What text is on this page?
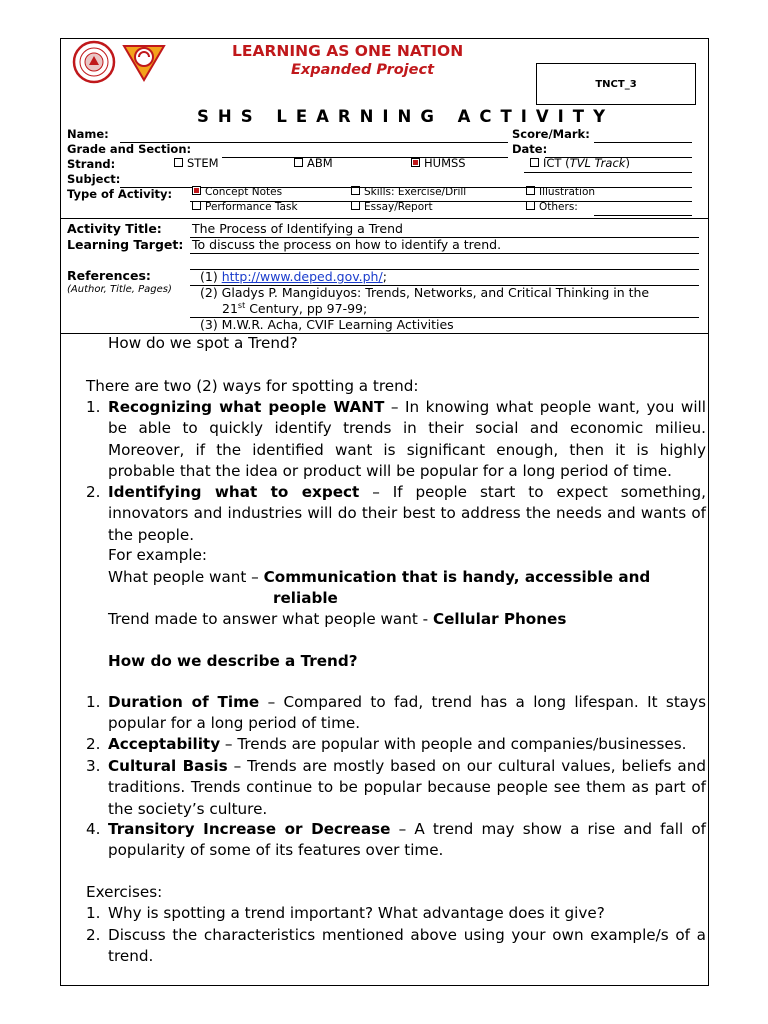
LEARNING AS ONE NATION
Expanded Project
TNCT_3
SHS LEARNING ACTIVITY
Name:	Score/Mark:
Grade and Section:	Date:
Strand:	STEM	ABM	HUMSS	ICT (TVL Track)
Subject:
Type of Activity:	Concept Notes	Skills: Exercise/Drill	Illustration
Performance Task	Essay/Report	Others:
Activity Title: The Process of Identifying a Trend
Learning Target: To discuss the process on how to identify a trend.
References:
(Author, Title, Pages)
(1) http://www.deped.gov.ph/;
(2) Gladys P. Mangiduyos: Trends, Networks, and Critical Thinking in the
21st Century, pp 97-99;
(3) M.W.R. Acha, CVIF Learning Activities
How do we spot a Trend?
There are two (2) ways for spotting a trend:
1. Recognizing what people WANT – In knowing what people want, you will be able to quickly identify trends in their social and economic milieu. Moreover, if the identified want is significant enough, then it is highly probable that the idea or product will be popular for a long period of time.
2. Identifying what to expect – If people start to expect something, innovators and industries will do their best to address the needs and wants of the people.
For example:
What people want – Communication that is handy, accessible and
reliable
Trend made to answer what people want - Cellular Phones
How do we describe a Trend?
1. Duration of Time – Compared to fad, trend has a long lifespan. It stays popular for a long period of time.
2. Acceptability – Trends are popular with people and companies/businesses.
3. Cultural Basis – Trends are mostly based on our cultural values, beliefs and traditions. Trends continue to be popular because people see them as part of the society’s culture.
4. Transitory Increase or Decrease – A trend may show a rise and fall of popularity of some of its features over time.
Exercises:
1. Why is spotting a trend important? What advantage does it give?
2. Discuss the characteristics mentioned above using your own example/s of a trend.
